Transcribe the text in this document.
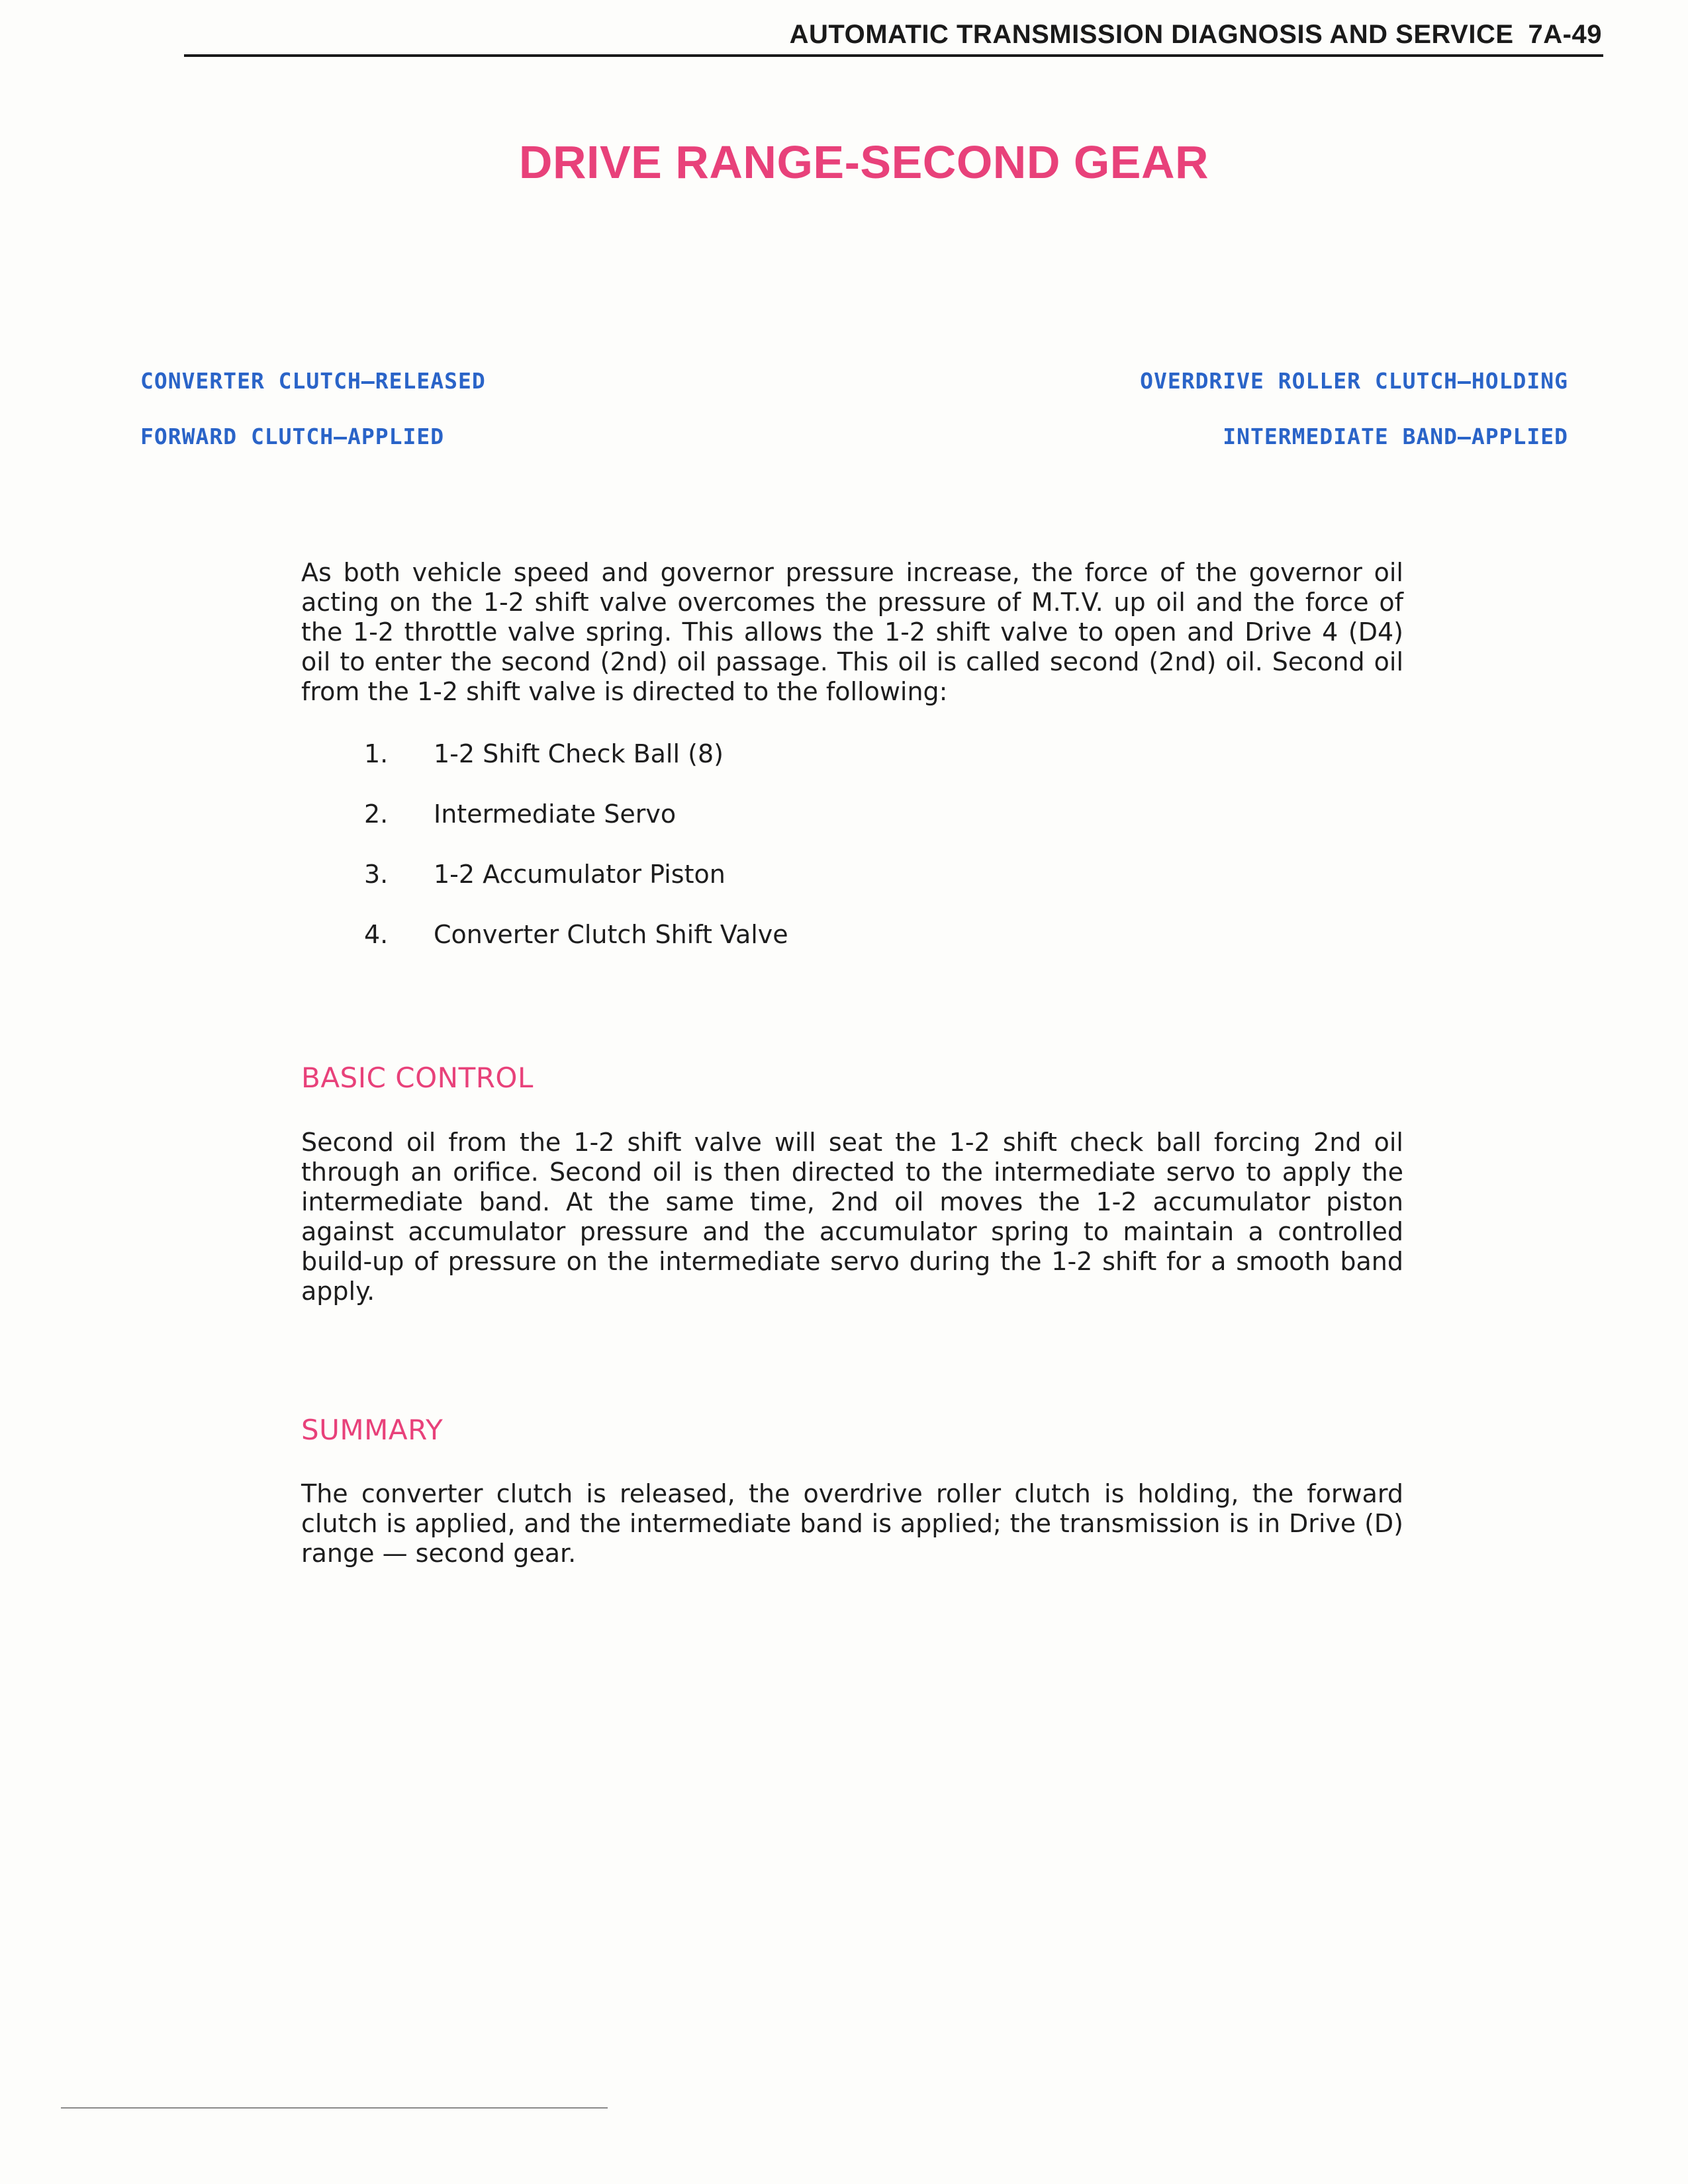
AUTOMATIC TRANSMISSION DIAGNOSIS AND SERVICE 7A-49
DRIVE RANGE-SECOND GEAR
CONVERTER CLUTCH—RELEASED
FORWARD CLUTCH—APPLIED
OVERDRIVE ROLLER CLUTCH—HOLDING
INTERMEDIATE BAND—APPLIED

As both vehicle speed and governor pressure increase, the force of the governor oil acting on the 1-2 shift valve overcomes the pressure of M.T.V. up oil and the force of the 1-2 throttle valve spring. This allows the 1-2 shift valve to open and Drive 4 (D4) oil to enter the second (2nd) oil passage. This oil is called second (2nd) oil. Second oil from the 1-2 shift valve is directed to the following:

1. 1-2 Shift Check Ball (8)
2. Intermediate Servo
3. 1-2 Accumulator Piston
4. Converter Clutch Shift Valve
BASIC CONTROL

Second oil from the 1-2 shift valve will seat the 1-2 shift check ball forcing 2nd oil through an orifice. Second oil is then directed to the intermediate servo to apply the intermediate band. At the same time, 2nd oil moves the 1-2 accumulator piston against accumulator pressure and the accumulator spring to maintain a controlled build-up of pressure on the intermediate servo during the 1-2 shift for a smooth band apply.

SUMMARY

The converter clutch is released, the overdrive roller clutch is holding, the forward clutch is applied, and the intermediate band is applied; the transmission is in Drive (D) range — second gear.
